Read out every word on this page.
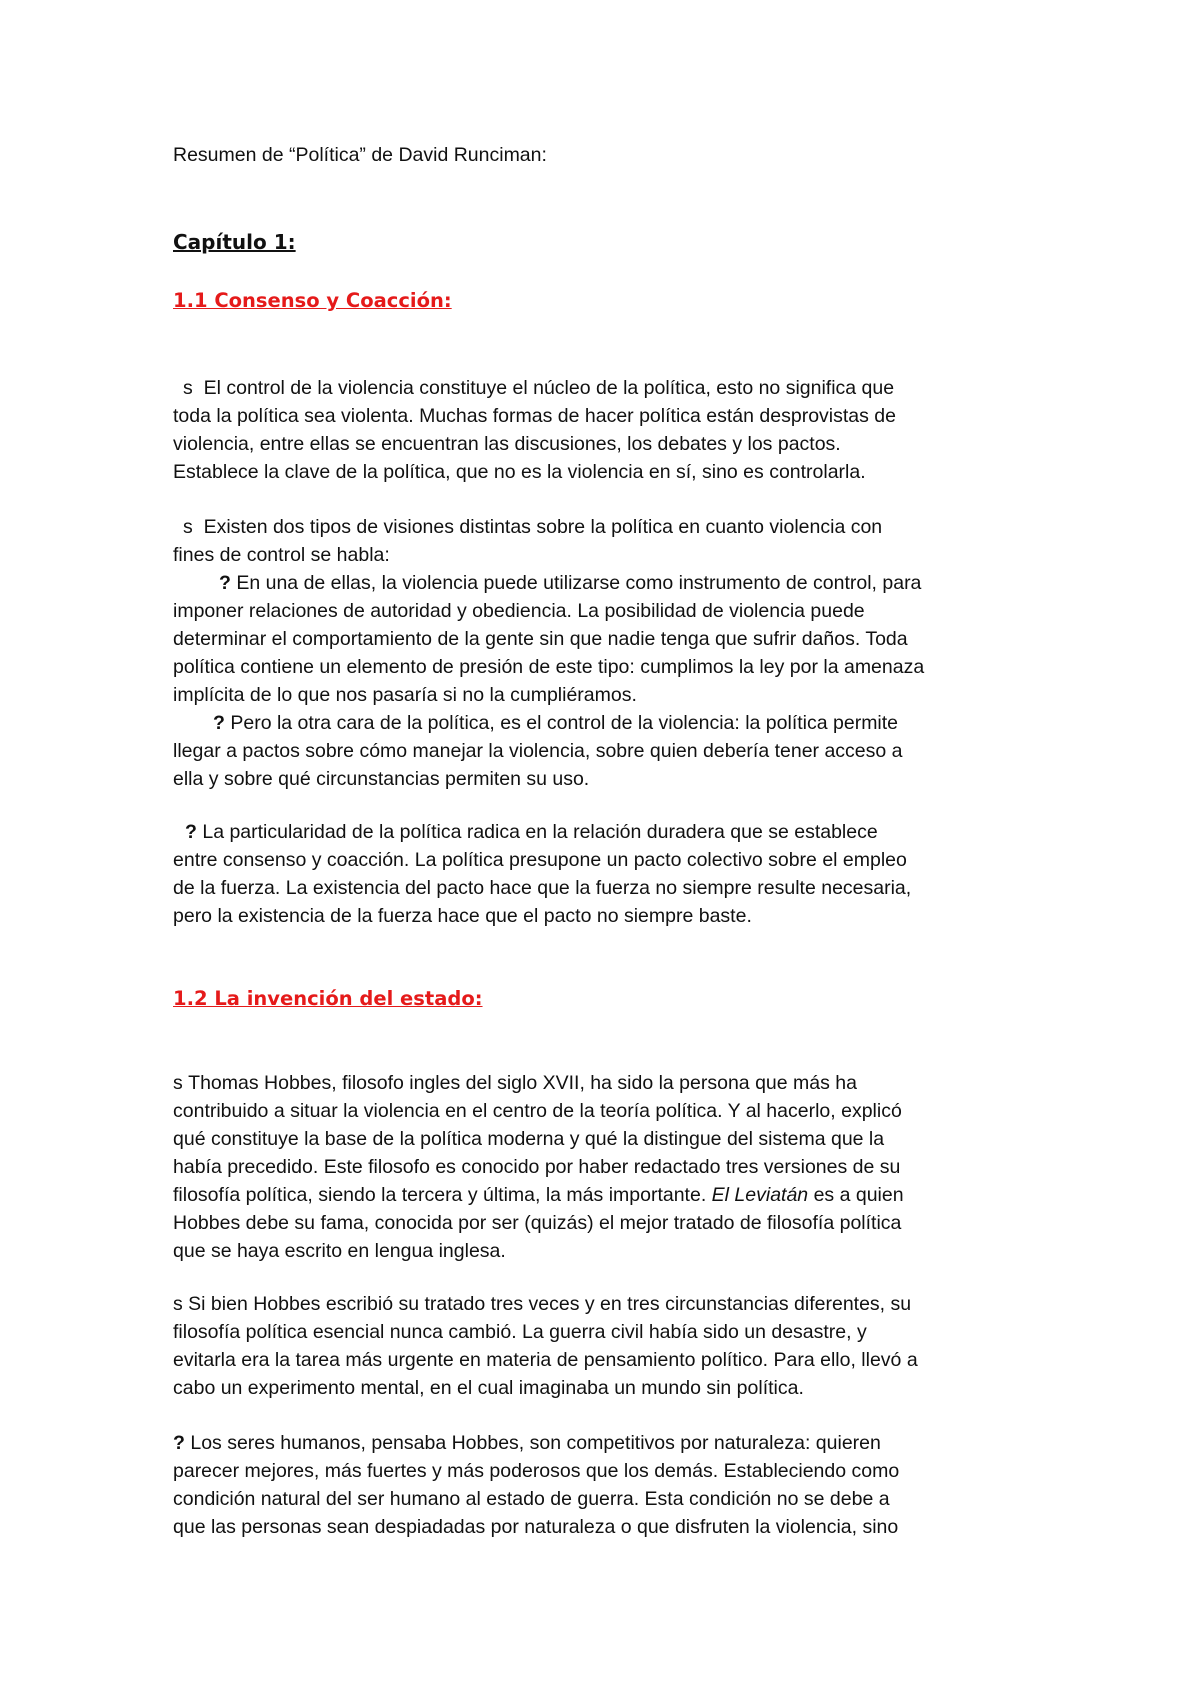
Resumen de “Política” de David Runciman:
Capítulo 1:
1.1 Consenso y Coacción:
s El control de la violencia constituye el núcleo de la política, esto no significa que
toda la política sea violenta. Muchas formas de hacer política están desprovistas de
violencia, entre ellas se encuentran las discusiones, los debates y los pactos.
Establece la clave de la política, que no es la violencia en sí, sino es controlarla.
s Existen dos tipos de visiones distintas sobre la política en cuanto violencia con
fines de control se habla:
? En una de ellas, la violencia puede utilizarse como instrumento de control, para
imponer relaciones de autoridad y obediencia. La posibilidad de violencia puede
determinar el comportamiento de la gente sin que nadie tenga que sufrir daños. Toda
política contiene un elemento de presión de este tipo: cumplimos la ley por la amenaza
implícita de lo que nos pasaría si no la cumpliéramos.
? Pero la otra cara de la política, es el control de la violencia: la política permite
llegar a pactos sobre cómo manejar la violencia, sobre quien debería tener acceso a
ella y sobre qué circunstancias permiten su uso.
? La particularidad de la política radica en la relación duradera que se establece
entre consenso y coacción. La política presupone un pacto colectivo sobre el empleo
de la fuerza. La existencia del pacto hace que la fuerza no siempre resulte necesaria,
pero la existencia de la fuerza hace que el pacto no siempre baste.
1.2 La invención del estado:
s Thomas Hobbes, filosofo ingles del siglo XVII, ha sido la persona que más ha
contribuido a situar la violencia en el centro de la teoría política. Y al hacerlo, explicó
qué constituye la base de la política moderna y qué la distingue del sistema que la
había precedido. Este filosofo es conocido por haber redactado tres versiones de su
filosofía política, siendo la tercera y última, la más importante. El Leviatán es a quien
Hobbes debe su fama, conocida por ser (quizás) el mejor tratado de filosofía política
que se haya escrito en lengua inglesa.
s Si bien Hobbes escribió su tratado tres veces y en tres circunstancias diferentes, su
filosofía política esencial nunca cambió. La guerra civil había sido un desastre, y
evitarla era la tarea más urgente en materia de pensamiento político. Para ello, llevó a
cabo un experimento mental, en el cual imaginaba un mundo sin política.
? Los seres humanos, pensaba Hobbes, son competitivos por naturaleza: quieren
parecer mejores, más fuertes y más poderosos que los demás. Estableciendo como
condición natural del ser humano al estado de guerra. Esta condición no se debe a
que las personas sean despiadadas por naturaleza o que disfruten la violencia, sino
